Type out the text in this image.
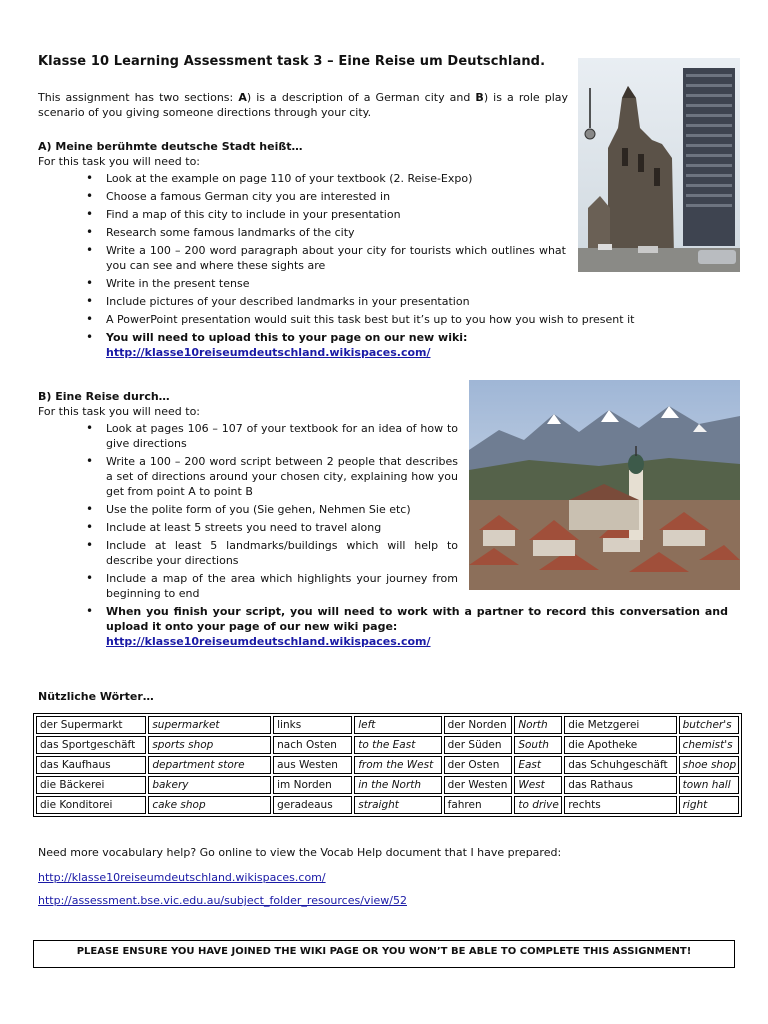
Klasse 10 Learning Assessment task 3 – Eine Reise um Deutschland.
This assignment has two sections: A) is a description of a German city and B) is a role play scenario of you giving someone directions through your city.
A) Meine berühmte deutsche Stadt heißt…
For this task you will need to:
• Look at the example on page 110 of your textbook (2. Reise-Expo)
• Choose a famous German city you are interested in
• Find a map of this city to include in your presentation
• Research some famous landmarks of the city
• Write a 100 – 200 word paragraph about your city for tourists which outlines what you can see and where these sights are
• Write in the present tense
• Include pictures of your described landmarks in your presentation
• A PowerPoint presentation would suit this task best but it’s up to you how you wish to present it
• You will need to upload this to your page on our new wiki:
http://klasse10reiseumdeutschland.wikispaces.com/
B) Eine Reise durch…
For this task you will need to:
• Look at pages 106 – 107 of your textbook for an idea of how to give directions
• Write a 100 – 200 word script between 2 people that describes a set of directions around your chosen city, explaining how you get from point A to point B
• Use the polite form of you (Sie gehen, Nehmen Sie etc)
• Include at least 5 streets you need to travel along
• Include at least 5 landmarks/buildings which will help to describe your directions
• Include a map of the area which highlights your journey from beginning to end
• When you finish your script, you will need to work with a partner to record this conversation and upload it onto your page of our new wiki page:
http://klasse10reiseumdeutschland.wikispaces.com/
Nützliche Wörter…
der Supermarkt	supermarket	links	left	der Norden	North	die Metzgerei	butcher's
das Sportgeschäft	sports shop	nach Osten	to the East	der Süden	South	die Apotheke	chemist's
das Kaufhaus	department store	aus Westen	from the West	der Osten	East	das Schuhgeschäft	shoe shop
die Bäckerei	bakery	im Norden	in the North	der Westen	West	das Rathaus	town hall
die Konditorei	cake shop	geradeaus	straight	fahren	to drive	rechts	right
Need more vocabulary help? Go online to view the Vocab Help document that I have prepared:
http://klasse10reiseumdeutschland.wikispaces.com/
http://assessment.bse.vic.edu.au/subject_folder_resources/view/52
PLEASE ENSURE YOU HAVE JOINED THE WIKI PAGE OR YOU WON’T BE ABLE TO COMPLETE THIS ASSIGNMENT!
